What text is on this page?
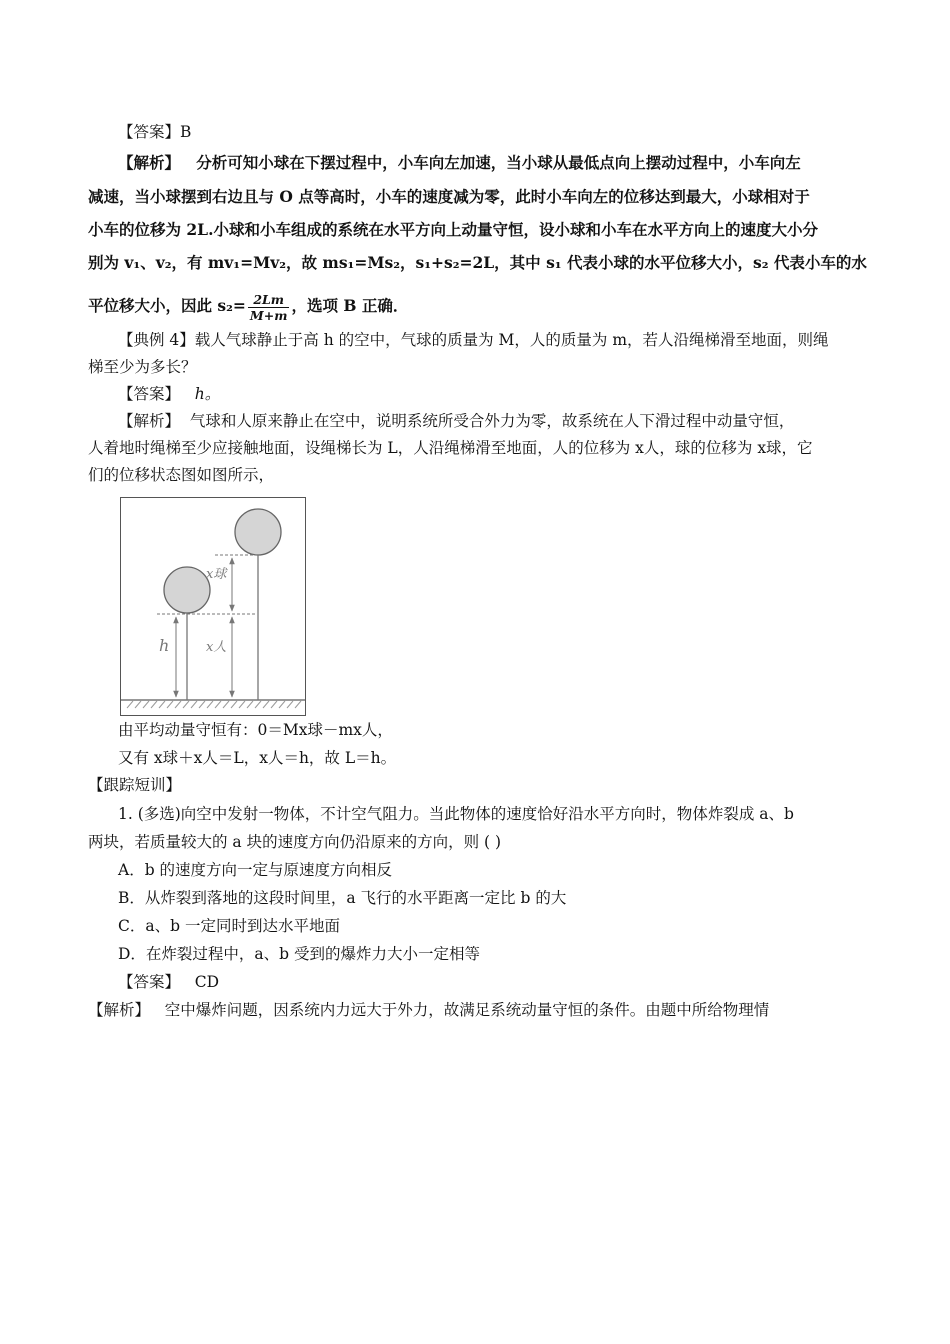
【答案】B
【解析】 分析可知小球在下摆过程中，小车向左加速，当小球从最低点向上摆动过程中，小车向左
减速，当小球摆到右边且与 O 点等高时，小车的速度减为零，此时小车向左的位移达到最大，小球相对于
小车的位移为 2L.小球和小车组成的系统在水平方向上动量守恒，设小球和小车在水平方向上的速度大小分
别为 v₁、v₂，有 mv₁=Mv₂，故 ms₁=Ms₂，s₁+s₂=2L，其中 s₁ 代表小球的水平位移大小，s₂ 代表小车的水
平位移大小，因此 $s_2= \frac{2Lm}{M+m}$ ，选项 B 正确．
【典例 4】载人气球静止于高 h 的空中，气球的质量为 M，人的质量为 m，若人沿绳梯滑至地面，则绳
梯至少为多长？
【答案】 h。
【解析】 气球和人原来静止在空中，说明系统所受合外力为零，故系统在人下滑过程中动量守恒，
人着地时绳梯至少应接触地面，设绳梯长为 L，人沿绳梯滑至地面，人的位移为 x人，球的位移为 x球，它
们的位移状态图如图所示，
h	x人
x球
由平均动量守恒有：0＝Mx球－mx人，
又有 x球＋x人＝L，x人＝h，故 L＝h。
【跟踪短训】
1. (多选)向空中发射一物体，不计空气阻力。当此物体的速度恰好沿水平方向时，物体炸裂成 a、b
两块，若质量较大的 a 块的速度方向仍沿原来的方向，则 ( )
A．b 的速度方向一定与原速度方向相反
B．从炸裂到落地的这段时间里，a 飞行的水平距离一定比 b 的大
C．a、b 一定同时到达水平地面
D．在炸裂过程中，a、b 受到的爆炸力大小一定相等
【答案】 CD
【解析】 空中爆炸问题，因系统内力远大于外力，故满足系统动量守恒的条件。由题中所给物理情
